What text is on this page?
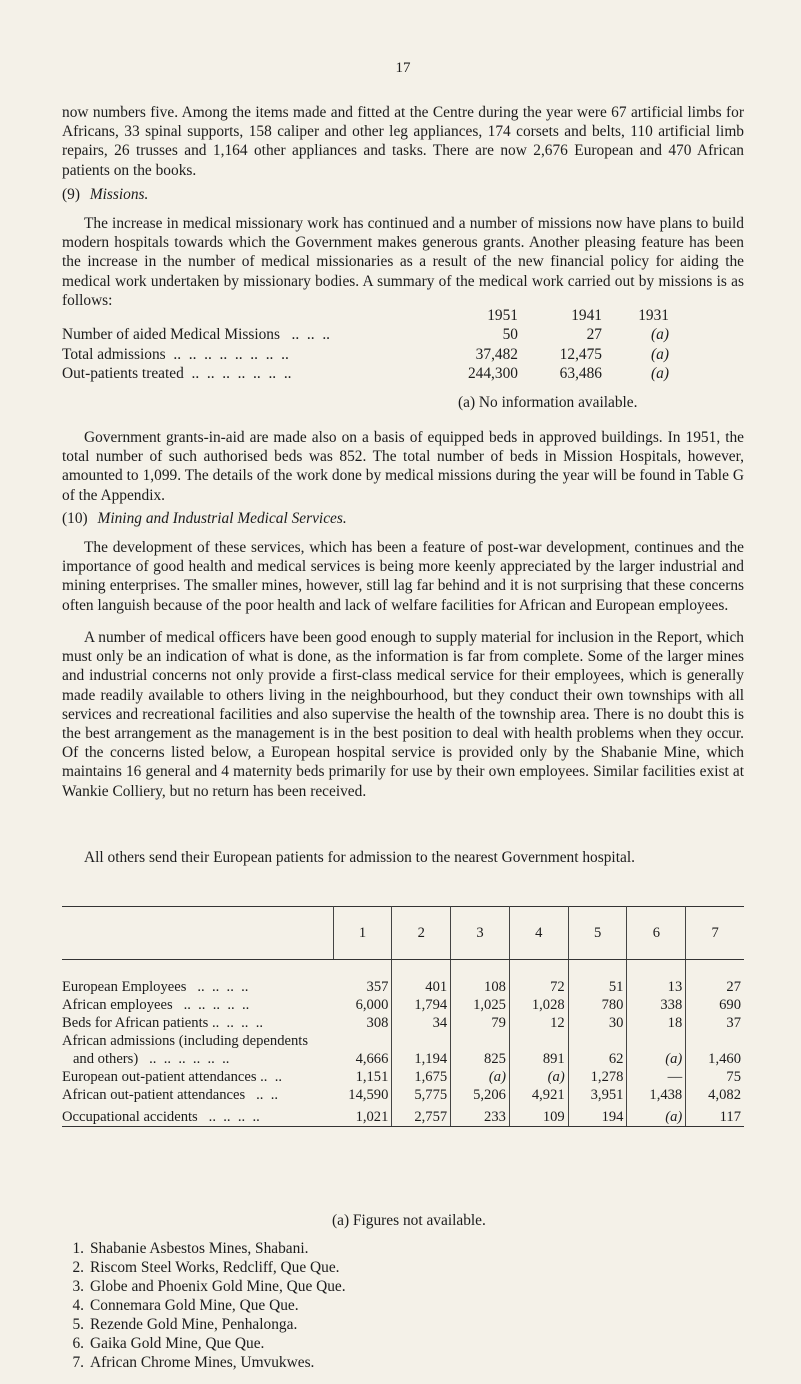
17

now numbers five. Among the items made and fitted at the Centre during the year were 67 artificial limbs for Africans, 33 spinal supports, 158 caliper and other leg appliances, 174 corsets and belts, 110 artificial limb repairs, 26 trusses and 1,164 other appliances and tasks. There are now 2,676 European and 470 African patients on the books.

(9) Missions.

The increase in medical missionary work has continued and a number of missions now have plans to build modern hospitals towards which the Government makes generous grants. Another pleasing feature has been the increase in the number of medical missionaries as a result of the new financial policy for aiding the medical work undertaken by missionary bodies. A summary of the medical work carried out by missions is as follows:

	1951	1941	1931
Number of aided Medical Missions   ..  ..  ..	50	27	(a)
Total admissions  ..  ..  ..  ..  ..  ..  ..  ..	37,482	12,475	(a)
Out-patients treated  ..  ..  ..  ..  ..  ..  ..	244,300	63,486	(a)
(a) No information available.

Government grants-in-aid are made also on a basis of equipped beds in approved buildings. In 1951, the total number of such authorised beds was 852. The total number of beds in Mission Hospitals, however, amounted to 1,099. The details of the work done by medical missions during the year will be found in Table G of the Appendix.

(10) Mining and Industrial Medical Services.

The development of these services, which has been a feature of post-war development, continues and the importance of good health and medical services is being more keenly appreciated by the larger industrial and mining enterprises. The smaller mines, however, still lag far behind and it is not surprising that these concerns often languish because of the poor health and lack of welfare facilities for African and European employees.

A number of medical officers have been good enough to supply material for inclusion in the Report, which must only be an indication of what is done, as the information is far from complete. Some of the larger mines and industrial concerns not only provide a first-class medical service for their employees, which is generally made readily available to others living in the neighbourhood, but they conduct their own townships with all services and recreational facilities and also supervise the health of the township area. There is no doubt this is the best arrangement as the management is in the best position to deal with health problems when they occur. Of the concerns listed below, a European hospital service is provided only by the Shabanie Mine, which maintains 16 general and 4 maternity beds primarily for use by their own employees. Similar facilities exist at Wankie Colliery, but no return has been received.

All others send their European patients for admission to the nearest Government hospital.

	1	2	3	4	5	6	7

European Employees   ..  ..  ..  ..	357	401	108	72	51	13	27
African employees   ..  ..  ..  ..  ..	6,000	1,794	1,025	1,028	780	338	690
Beds for African patients ..  ..  ..  ..	308	34	79	12	30	18	37
African admissions (including dependents							
and others)   ..  ..  ..  ..  ..  ..	4,666	1,194	825	891	62	(a)	1,460
European out-patient attendances ..  ..	1,151	1,675	(a)	(a)	1,278	—	75
African out-patient attendances   ..  ..	14,590	5,775	5,206	4,921	3,951	1,438	4,082
Occupational accidents   ..  ..  ..  ..	1,021	2,757	233	109	194	(a)	117
(a) Figures not available.
1. Shabanie Asbestos Mines, Shabani.
2. Riscom Steel Works, Redcliff, Que Que.
3. Globe and Phoenix Gold Mine, Que Que.
4. Connemara Gold Mine, Que Que.
5. Rezende Gold Mine, Penhalonga.
6. Gaika Gold Mine, Que Que.
7. African Chrome Mines, Umvukwes.
